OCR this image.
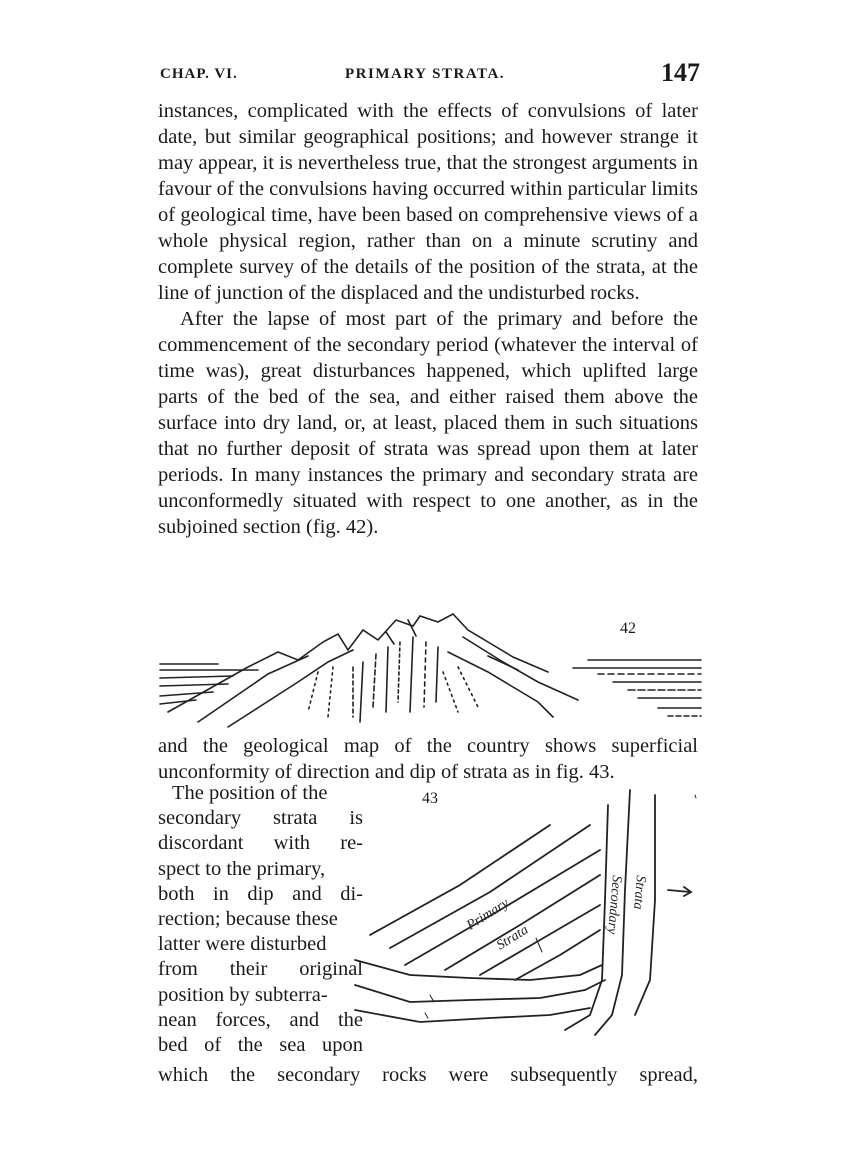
CHAP. VI.	PRIMARY STRATA.	147

instances, complicated with the effects of convulsions of later date, but similar geographical positions; and however strange it may appear, it is nevertheless true, that the strongest arguments in favour of the convulsions having occurred within particular limits of geological time, have been based on comprehensive views of a whole physical region, rather than on a minute scrutiny and complete survey of the details of the position of the strata, at the line of junction of the displaced and the undisturbed rocks.

After the lapse of most part of the primary and before the commencement of the secondary period (whatever the interval of time was), great disturbances happened, which uplifted large parts of the bed of the sea, and either raised them above the surface into dry land, or, at least, placed them in such situations that no further deposit of strata was spread upon them at later periods. In many instances the primary and secondary strata are unconformedly situated with respect to one another, as in the subjoined section (fig. 42).

42

and the geological map of the country shows superficial unconformity of direction and dip of strata as in fig. 43.

The position of the
secondary strata is
discordant with re-
spect to the primary,
both in dip and di-
rection; because these
latter were disturbed
from their original
position by subterra-
nean forces, and the
bed of the sea upon
Primary
Strata
Secondary Strata
43
which the secondary rocks were subsequently spread,
